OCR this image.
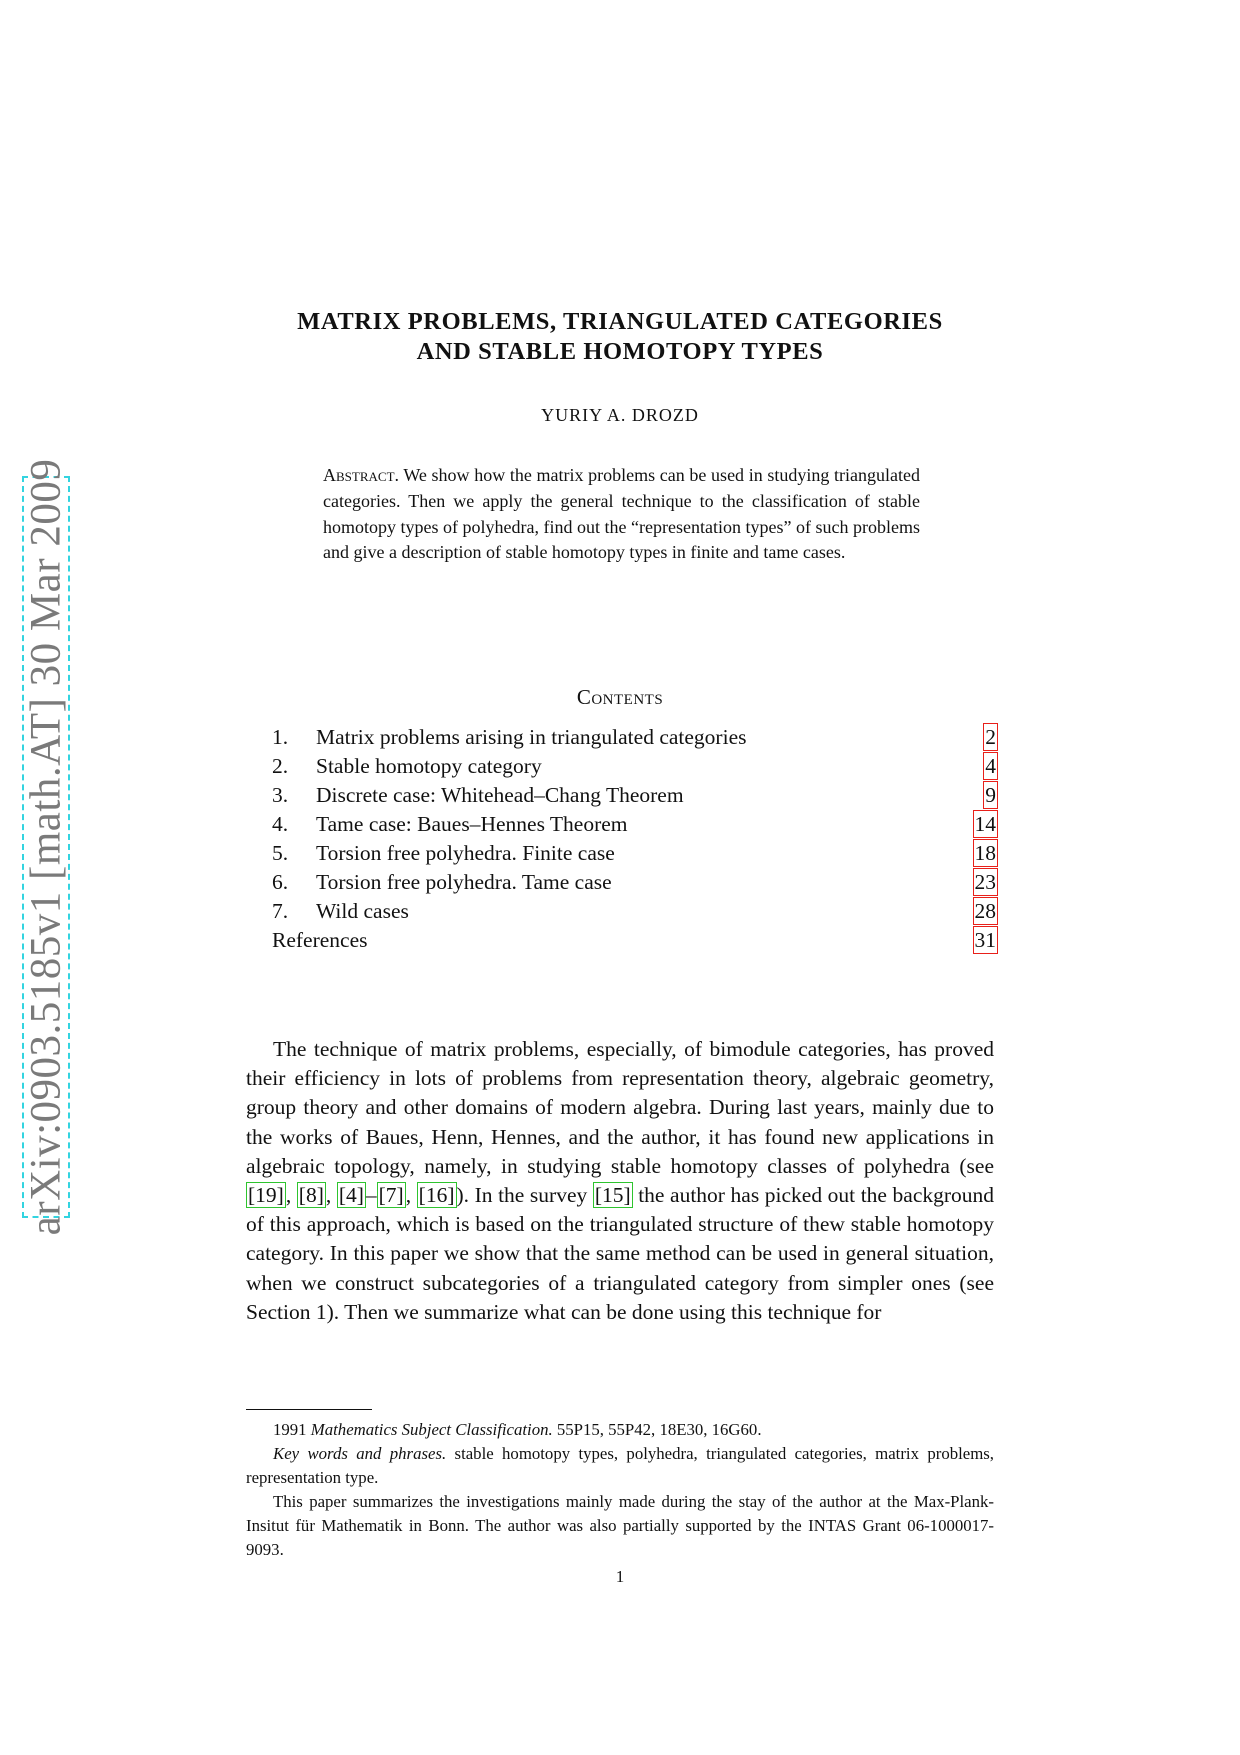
arXiv:0903.5185v1 [math.AT] 30 Mar 2009
MATRIX PROBLEMS, TRIANGULATED CATEGORIES
AND STABLE HOMOTOPY TYPES
YURIY A. DROZD
Abstract. We show how the matrix problems can be used in studying triangulated categories. Then we apply the general technique to the classification of stable homotopy types of polyhedra, find out the “representation types” of such problems and give a description of stable homotopy types in finite and tame cases.
Contents
1. Matrix problems arising in triangulated categories	2
2. Stable homotopy category	4
3. Discrete case: Whitehead–Chang Theorem	9
4. Tame case: Baues–Hennes Theorem	14
5. Torsion free polyhedra. Finite case	18
6. Torsion free polyhedra. Tame case	23
7. Wild cases	28
References	31
The technique of matrix problems, especially, of bimodule categories, has proved their efficiency in lots of problems from representation theory, algebraic geometry, group theory and other domains of modern algebra. During last years, mainly due to the works of Baues, Henn, Hennes, and the author, it has found new applications in algebraic topology, namely, in studying stable homotopy classes of polyhedra (see [19], [8], [4]–[7], [16]). In the survey [15] the author has picked out the background of this approach, which is based on the triangulated structure of thew stable homotopy category. In this paper we show that the same method can be used in general situation, when we construct subcategories of a triangulated category from simpler ones (see Section 1). Then we summarize what can be done using this technique for
1991 Mathematics Subject Classification. 55P15, 55P42, 18E30, 16G60.
Key words and phrases. stable homotopy types, polyhedra, triangulated categories, matrix problems, representation type.
This paper summarizes the investigations mainly made during the stay of the author at the Max-Plank-Insitut für Mathematik in Bonn. The author was also partially supported by the INTAS Grant 06-1000017-9093.
1
